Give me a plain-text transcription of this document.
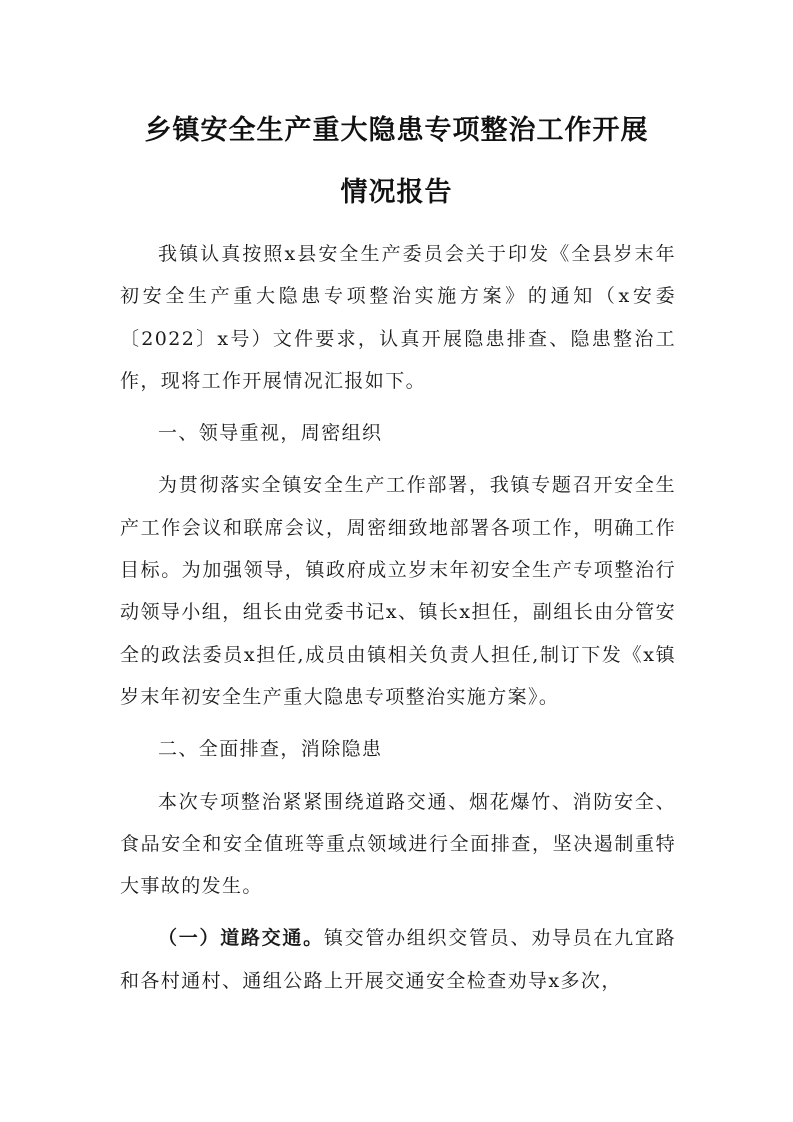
乡镇安全生产重大隐患专项整治工作开展
情况报告

我镇认真按照x县安全生产委员会关于印发《全县岁末年初安全生产重大隐患专项整治实施方案》的通知（x安委〔2022〕x号）文件要求，认真开展隐患排查、隐患整治工作，现将工作开展情况汇报如下。

一、领导重视，周密组织

为贯彻落实全镇安全生产工作部署，我镇专题召开安全生产工作会议和联席会议，周密细致地部署各项工作，明确工作目标。为加强领导，镇政府成立岁末年初安全生产专项整治行动领导小组，组长由党委书记x、镇长x担任，副组长由分管安全的政法委员x担任,成员由镇相关负责人担任,制订下发《x镇岁末年初安全生产重大隐患专项整治实施方案》。

二、全面排查，消除隐患

本次专项整治紧紧围绕道路交通、烟花爆竹、消防安全、食品安全和安全值班等重点领域进行全面排查，坚决遏制重特大事故的发生。

（一）道路交通。镇交管办组织交管员、劝导员在九宜路和各村通村、通组公路上开展交通安全检查劝导x多次，
